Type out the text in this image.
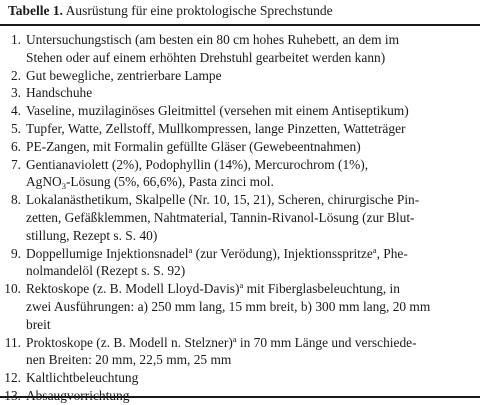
Tabelle 1. Ausrüstung für eine proktologische Sprechstunde
1. Untersuchungstisch (am besten ein 80 cm hohes Ruhebett, an dem im
Stehen oder auf einem erhöhten Drehstuhl gearbeitet werden kann)
2. Gut bewegliche, zentrierbare Lampe
3. Handschuhe
4. Vaseline, muzilaginöses Gleitmittel (versehen mit einem Antiseptikum)
5. Tupfer, Watte, Zellstoff, Mullkompressen, lange Pinzetten, Watteträger
6. PE-Zangen, mit Formalin gefüllte Gläser (Gewebeentnahmen)
7. Gentianaviolett (2%), Podophyllin (14%), Mercurochrom (1%),
AgNO$_3$-Lösung (5%, 66,6%), Pasta zinci mol.
8. Lokalanästhetikum, Skalpelle (Nr. 10, 15, 21), Scheren, chirurgische Pin-
zetten, Gefäßklemmen, Nahtmaterial, Tannin-Rivanol-Lösung (zur Blut-
stillung, Rezept s. S. 40)
9. Doppellumige Injektionsnadel$^a$ (zur Verödung), Injektionsspritze$^a$, Phe-
nolmandelöl (Rezept s. S. 92)
10. Rektoskope (z. B. Modell Lloyd-Davis)$^a$ mit Fiberglasbeleuchtung, in
zwei Ausführungen: a) 250 mm lang, 15 mm breit, b) 300 mm lang, 20 mm
breit
11. Proktoskope (z. B. Modell n. Stelzner)$^a$ in 70 mm Länge und verschiede-
nen Breiten: 20 mm, 22,5 mm, 25 mm
12. Kaltlichtbeleuchtung
